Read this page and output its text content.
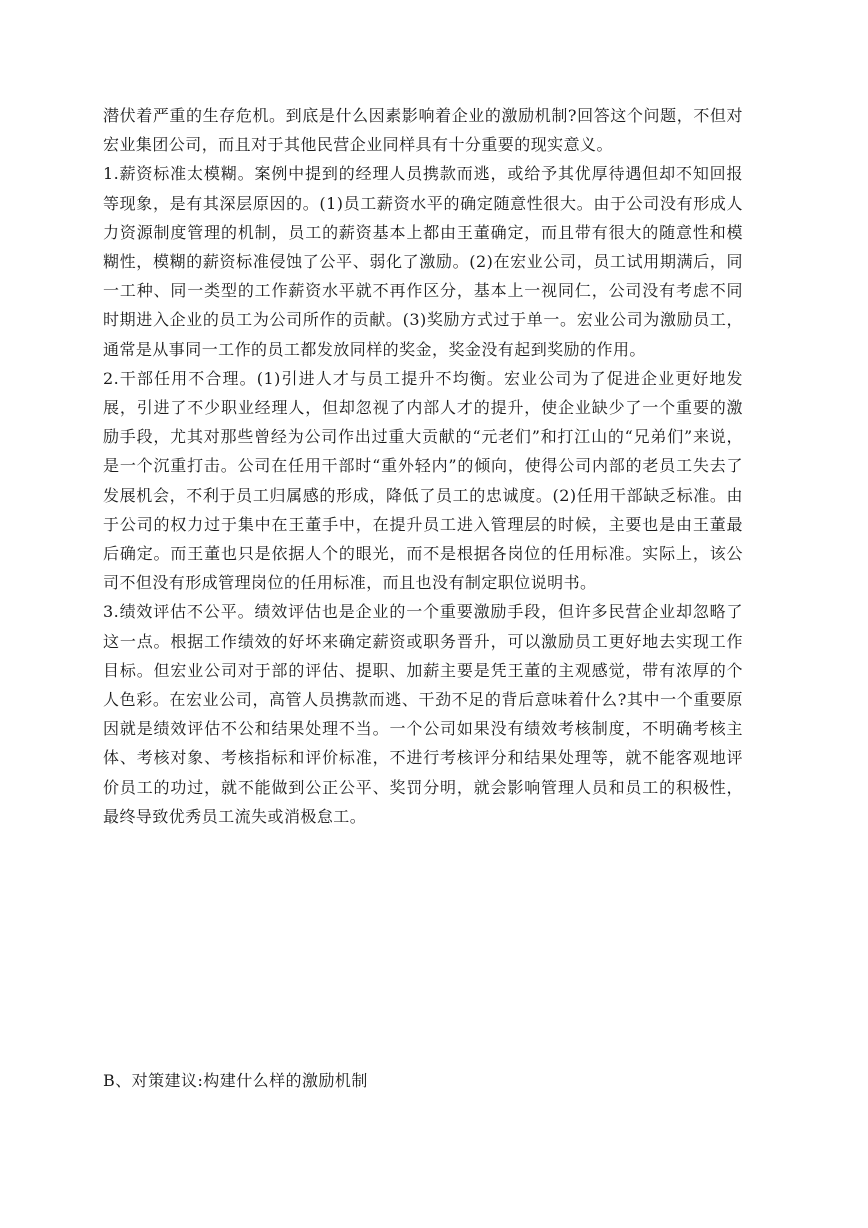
潜伏着严重的生存危机。到底是什么因素影响着企业的激励机制?回答这个问题，不但对宏业集团公司，而且对于其他民营企业同样具有十分重要的现实意义。

1.薪资标准太模糊。案例中提到的经理人员携款而逃，或给予其优厚待遇但却不知回报等现象，是有其深层原因的。(1)员工薪资水平的确定随意性很大。由于公司没有形成人力资源制度管理的机制，员工的薪资基本上都由王董确定，而且带有很大的随意性和模糊性，模糊的薪资标准侵蚀了公平、弱化了激励。(2)在宏业公司，员工试用期满后，同一工种、同一类型的工作薪资水平就不再作区分，基本上一视同仁，公司没有考虑不同时期进入企业的员工为公司所作的贡献。(3)奖励方式过于单一。宏业公司为激励员工，通常是从事同一工作的员工都发放同样的奖金，奖金没有起到奖励的作用。

2.干部任用不合理。(1)引进人才与员工提升不均衡。宏业公司为了促进企业更好地发展，引进了不少职业经理人，但却忽视了内部人才的提升，使企业缺少了一个重要的激励手段，尤其对那些曾经为公司作出过重大贡献的“元老们”和打江山的“兄弟们”来说，是一个沉重打击。公司在任用干部时“重外轻内”的倾向，使得公司内部的老员工失去了发展机会，不利于员工归属感的形成，降低了员工的忠诚度。(2)任用干部缺乏标准。由于公司的权力过于集中在王董手中，在提升员工进入管理层的时候，主要也是由王董最后确定。而王董也只是依据人个的眼光，而不是根据各岗位的任用标准。实际上，该公司不但没有形成管理岗位的任用标准，而且也没有制定职位说明书。

3.绩效评估不公平。绩效评估也是企业的一个重要激励手段，但许多民营企业却忽略了这一点。根据工作绩效的好坏来确定薪资或职务晋升，可以激励员工更好地去实现工作目标。但宏业公司对于部的评估、提职、加薪主要是凭王董的主观感觉，带有浓厚的个人色彩。在宏业公司，高管人员携款而逃、干劲不足的背后意味着什么?其中一个重要原因就是绩效评估不公和结果处理不当。一个公司如果没有绩效考核制度，不明确考核主体、考核对象、考核指标和评价标准，不进行考核评分和结果处理等，就不能客观地评价员工的功过，就不能做到公正公平、奖罚分明，就会影响管理人员和员工的积极性，最终导致优秀员工流失或消极怠工。

B、对策建议:构建什么样的激励机制
